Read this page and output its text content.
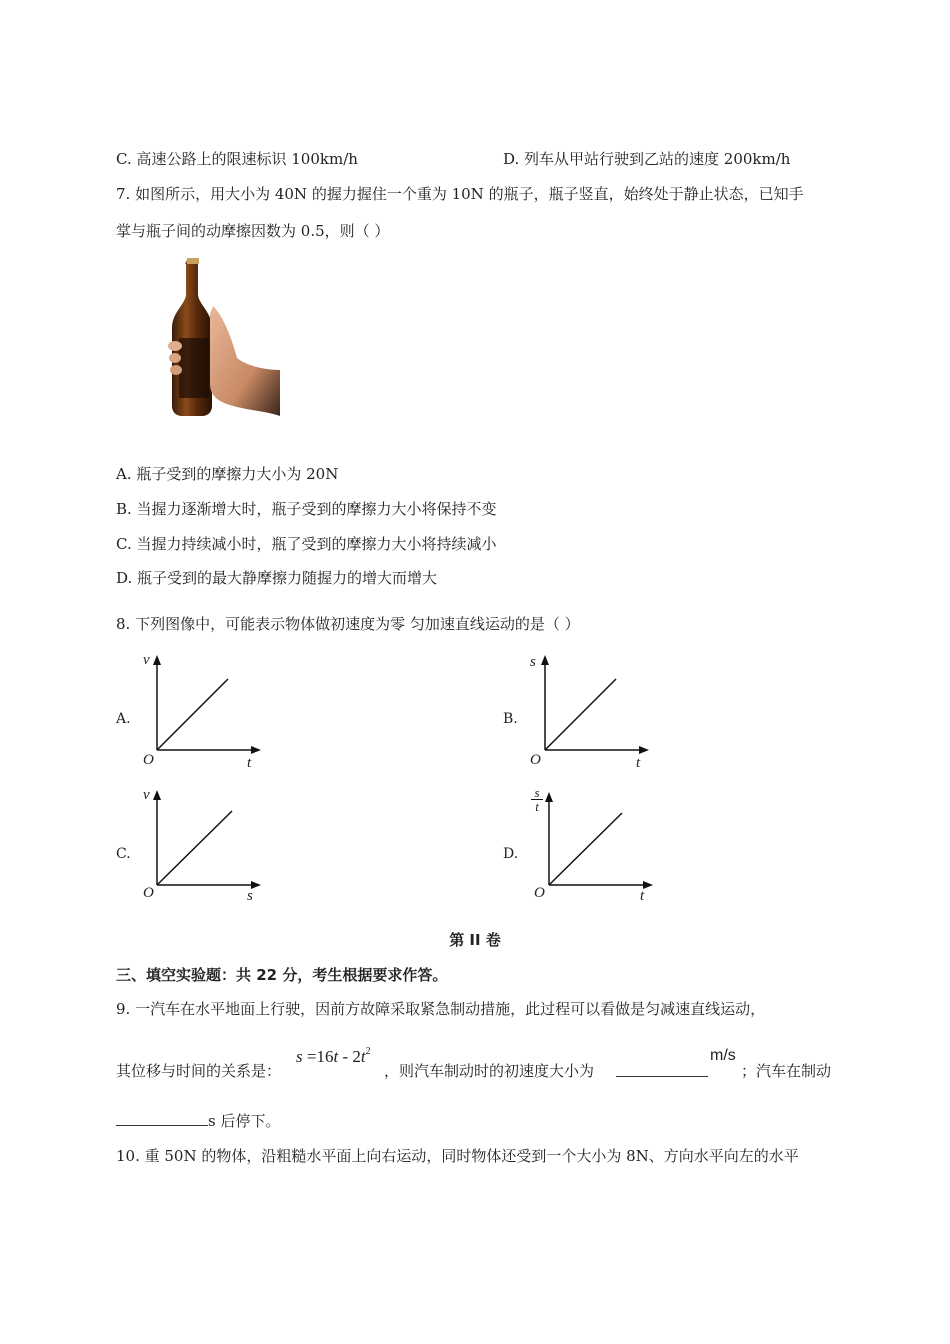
C. 高速公路上的限速标识 100km/h	D. 列车从甲站行驶到乙站的速度 200km/h
7. 如图所示，用大小为 40N 的握力握住一个重为 10N 的瓶子，瓶子竖直，始终处于静止状态，已知手
掌与瓶子间的动摩擦因数为 0.5，则（ ）
A. 瓶子受到的摩擦力大小为 20N
B. 当握力逐渐增大时，瓶子受到的摩擦力大小将保持不变
C. 当握力持续减小时，瓶了受到的摩擦力大小将持续减小
D. 瓶子受到的最大静摩擦力随握力的增大而增大
8. 下列图像中，可能表示物体做初速度为零 匀加速直线运动的是（ ）
A.
v
O	t
B.
s
O	t
C.
v
O	s
D.
$\frac{s}{t}$
O	t
第 II 卷
三、填空实验题：共 22 分，考生根据要求作答。
9. 一汽车在水平地面上行驶，因前方故障采取紧急制动措施，此过程可以看做是匀减速直线运动，
其位移与时间的关系是：
$s =16t - 2t^2$
，则汽车制动时的初速度大小为
m/s
；汽车在制动
s 后停下。
10. 重 50N 的物体，沿粗糙水平面上向右运动，同时物体还受到一个大小为 8N、方向水平向左的水平
